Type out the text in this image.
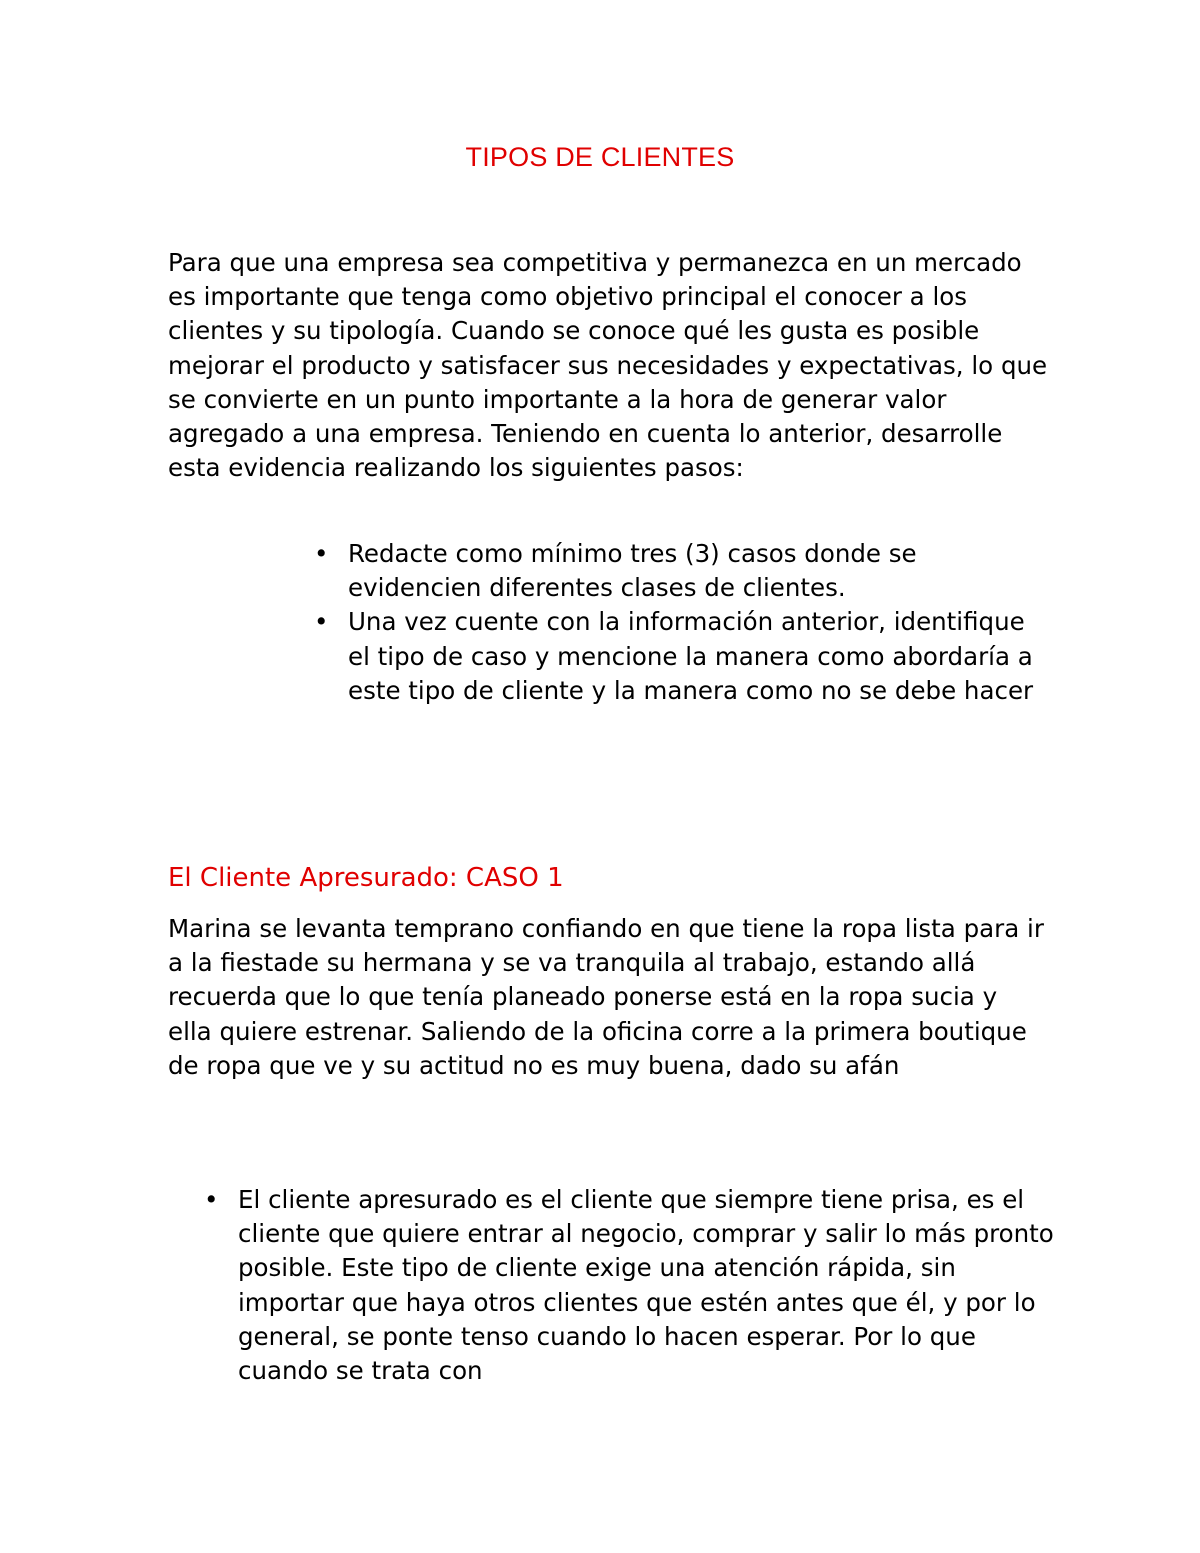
TIPOS DE CLIENTES

Para que una empresa sea competitiva y permanezca en un mercado es importante que tenga como objetivo principal el conocer a los clientes y su tipología. Cuando se conoce qué les gusta es posible mejorar el producto y satisfacer sus necesidades y expectativas, lo que se convierte en un punto importante a la hora de generar valor agregado a una empresa. Teniendo en cuenta lo anterior, desarrolle esta evidencia realizando los siguientes pasos:

• Redacte como mínimo tres (3) casos donde se evidencien diferentes clases de clientes.
• Una vez cuente con la información anterior, identifique el tipo de caso y mencione la manera como abordaría a este tipo de cliente y la manera como no se debe hacer
El Cliente Apresurado: CASO 1

Marina se levanta temprano confiando en que tiene la ropa lista para ir a la fiestade su hermana y se va tranquila al trabajo, estando allá recuerda que lo que tenía planeado ponerse está en la ropa sucia y ella quiere estrenar. Saliendo de la oficina corre a la primera boutique de ropa que ve y su actitud no es muy buena, dado su afán

• El cliente apresurado es el cliente que siempre tiene prisa, es el cliente que quiere entrar al negocio, comprar y salir lo más pronto posible. Este tipo de cliente exige una atención rápida, sin importar que haya otros clientes que estén antes que él, y por lo general, se ponte tenso cuando lo hacen esperar. Por lo que cuando se trata con
